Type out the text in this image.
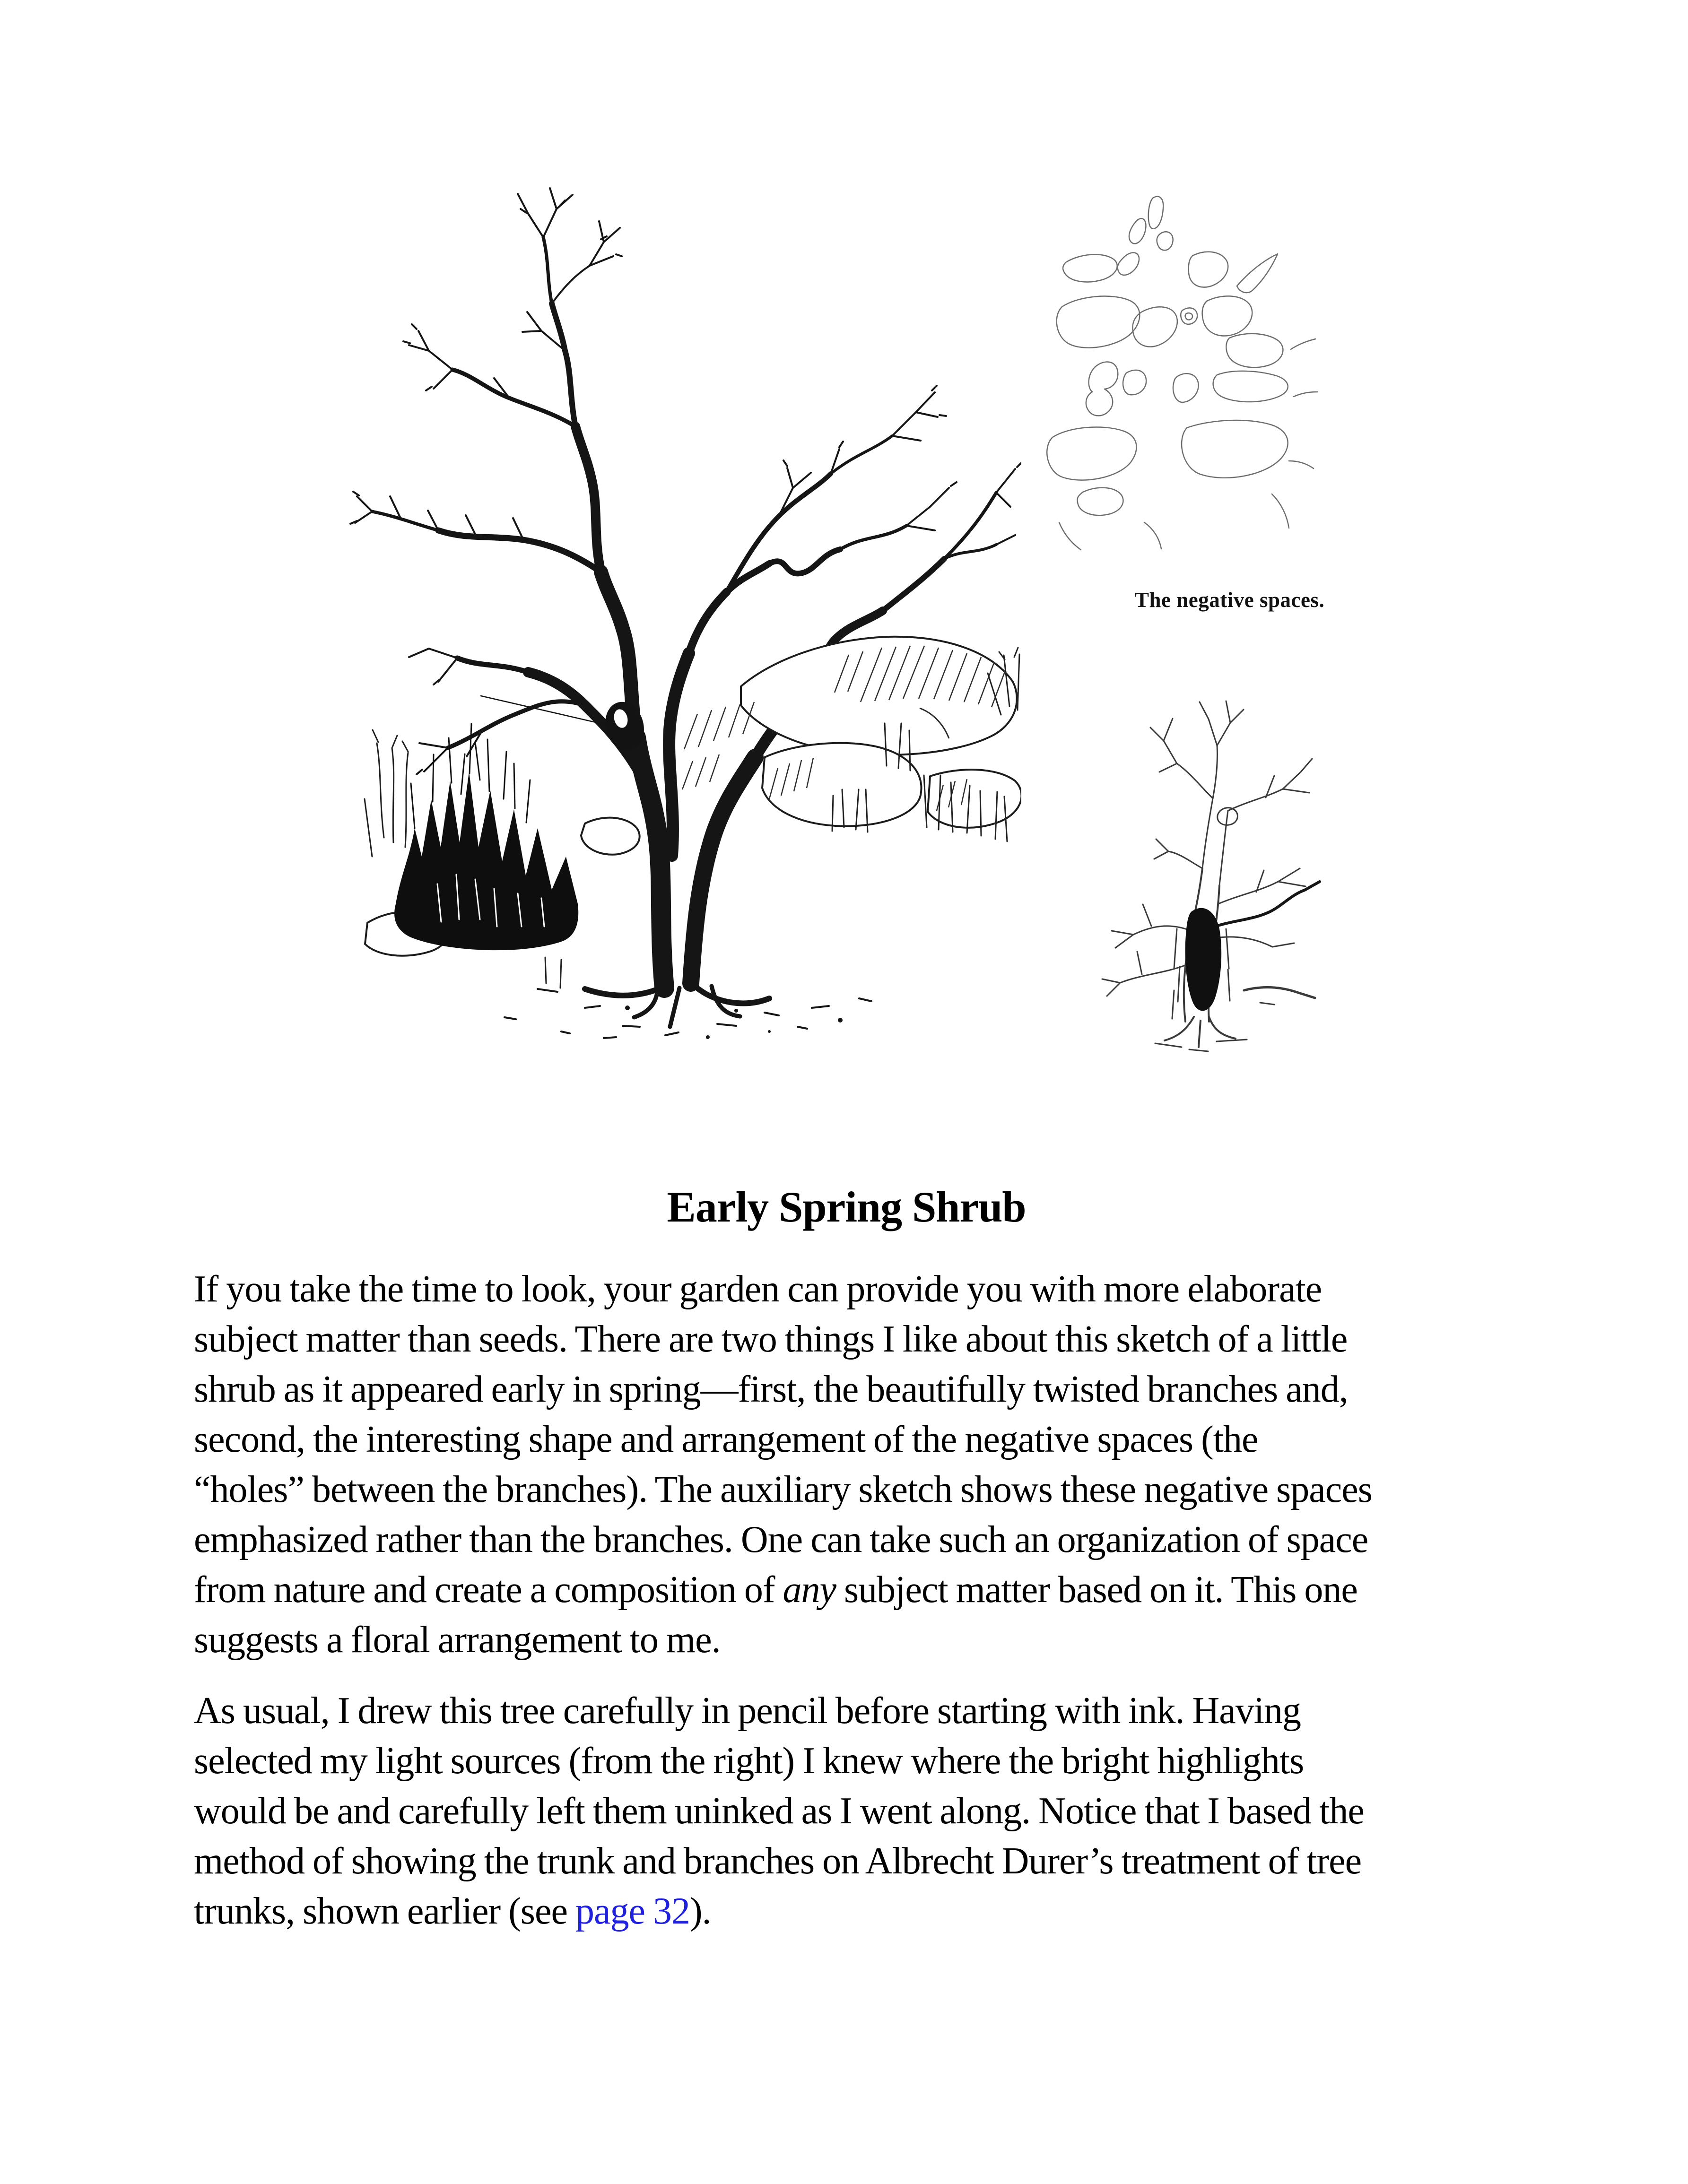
The negative spaces.
Early Spring Shrub

If you take the time to look, your garden can provide you with more elaborate
subject matter than seeds. There are two things I like about this sketch of a little
shrub as it appeared early in spring—first, the beautifully twisted branches and,
second, the interesting shape and arrangement of the negative spaces (the
“holes” between the branches). The auxiliary sketch shows these negative spaces
emphasized rather than the branches. One can take such an organization of space
from nature and create a composition of any subject matter based on it. This one
suggests a floral arrangement to me.

As usual, I drew this tree carefully in pencil before starting with ink. Having
selected my light sources (from the right) I knew where the bright highlights
would be and carefully left them uninked as I went along. Notice that I based the
method of showing the trunk and branches on Albrecht Durer’s treatment of tree
trunks, shown earlier (see page 32).
